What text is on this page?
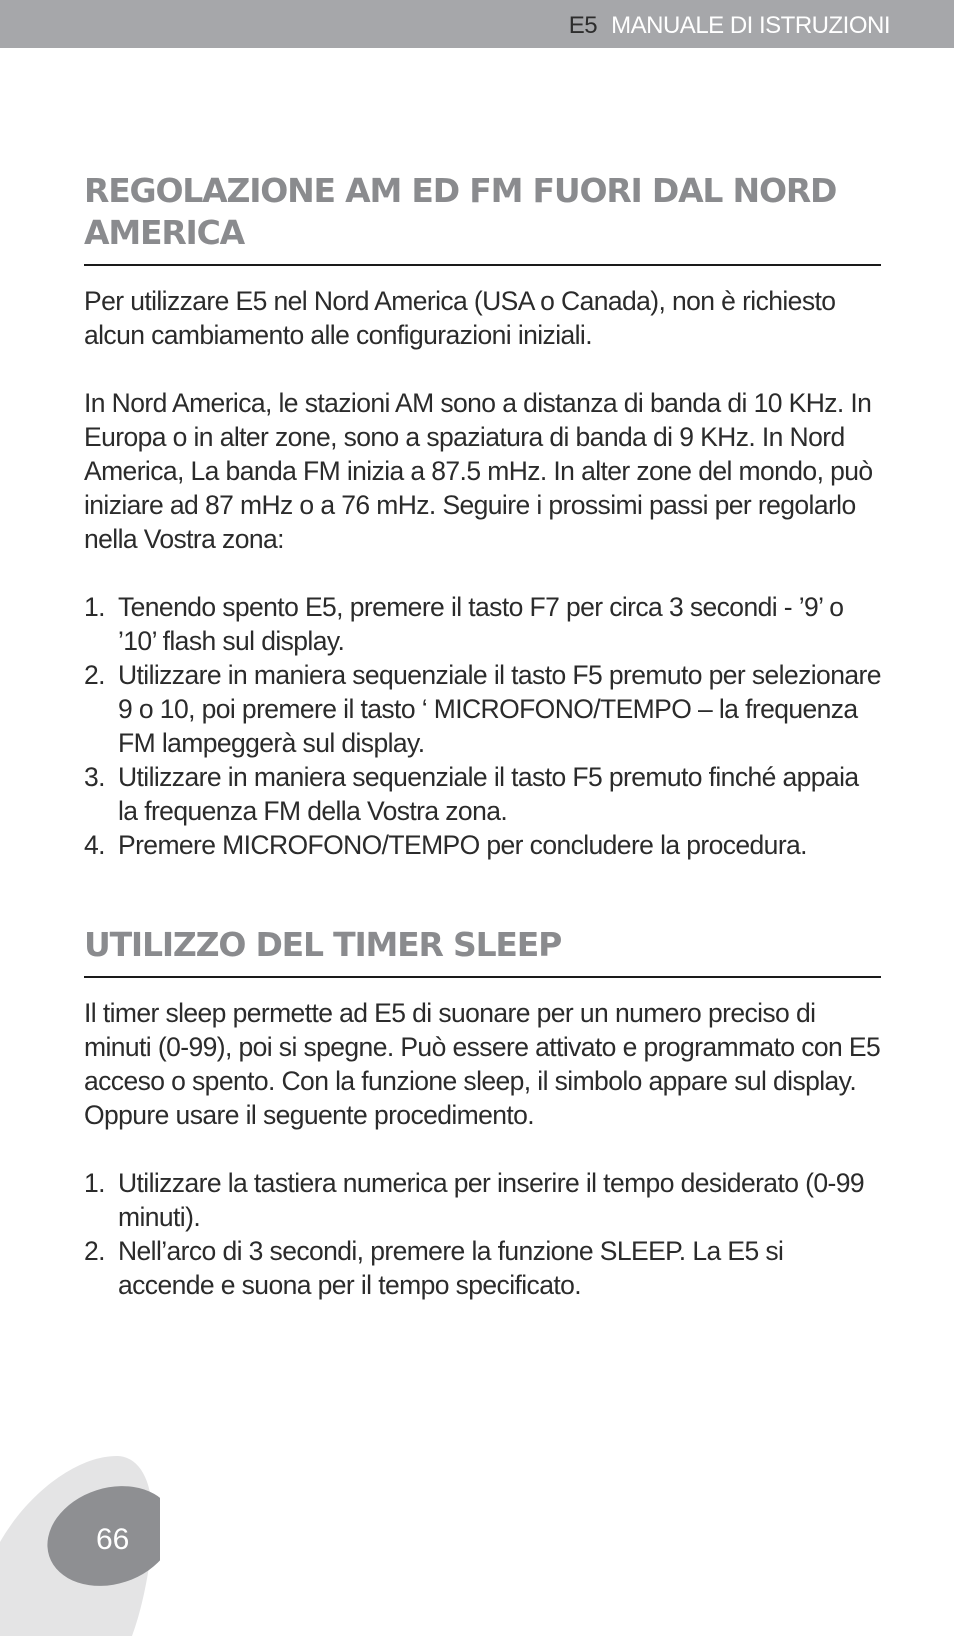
E5 MANUALE DI ISTRUZIONI
REGOLAZIONE AM ED FM FUORI DAL NORD AMERICA

Per utilizzare E5 nel Nord America (USA o Canada), non è richiesto alcun cambiamento alle configurazioni iniziali.

In Nord America, le stazioni AM sono a distanza di banda di 10 KHz. In Europa o in alter zone, sono a spaziatura di banda di 9 KHz. In Nord America, La banda FM inizia a 87.5 mHz. In alter zone del mondo, può iniziare ad 87 mHz o a 76 mHz. Seguire i prossimi passi per regolarlo nella Vostra zona:

1. Tenendo spento E5, premere il tasto F7 per circa 3 secondi - ’9’ o ’10’ flash sul display.
2. Utilizzare in maniera sequenziale il tasto F5 premuto per selezionare 9 o 10, poi premere il tasto ‘ MICROFONO/TEMPO – la frequenza FM lampeggerà sul display.
3. Utilizzare in maniera sequenziale il tasto F5 premuto finché appaia la frequenza FM della Vostra zona.
4. Premere MICROFONO/TEMPO per concludere la procedura.
UTILIZZO DEL TIMER SLEEP

Il timer sleep permette ad E5 di suonare per un numero preciso di minuti (0-99), poi si spegne. Può essere attivato e programmato con E5 acceso o spento. Con la funzione sleep, il simbolo appare sul display. Oppure usare il seguente procedimento.

1. Utilizzare la tastiera numerica per inserire il tempo desiderato (0-99 minuti).
2. Nell’arco di 3 secondi, premere la funzione SLEEP. La E5 si accende e suona per il tempo specificato.
66
